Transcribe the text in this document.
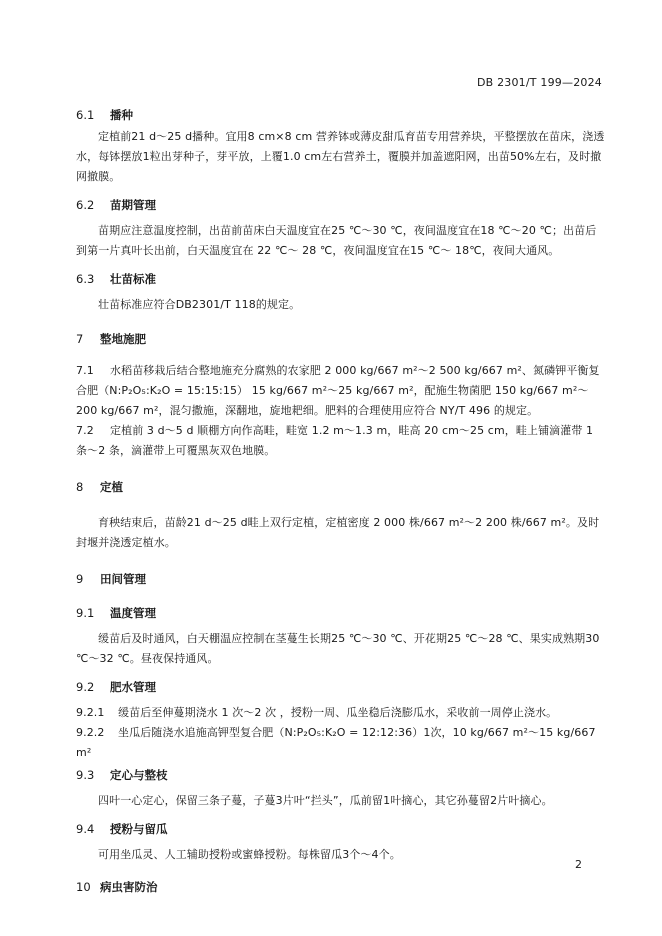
DB 2301/T 199—2024
6.1 播种

定植前21 d～25 d播种。宜用8 cm×8 cm 营养钵或薄皮甜瓜育苗专用营养块，平整摆放在苗床，浇透水，每钵摆放1粒出芽种子，芽平放，上覆1.0 cm左右营养土，覆膜并加盖遮阳网，出苗50%左右，及时撤网撤膜。

6.2 苗期管理

苗期应注意温度控制，出苗前苗床白天温度宜在25 ℃～30 ℃，夜间温度宜在18 ℃～20 ℃；出苗后到第一片真叶长出前，白天温度宜在 22 ℃～ 28 ℃，夜间温度宜在15 ℃～ 18℃，夜间大通风。

6.3 壮苗标准

壮苗标准应符合DB2301/T 118的规定。

7 整地施肥

7.1 水稻苗移栽后结合整地施充分腐熟的农家肥 2 000 kg/667 m²～2 500 kg/667 m²、氮磷钾平衡复合肥（N:P₂O₅:K₂O = 15:15:15） 15 kg/667 m²～25 kg/667 m²，配施生物菌肥 150 kg/667 m²～200 kg/667 m²，混匀撒施，深翻地，旋地耙细。肥料的合理使用应符合 NY/T 496 的规定。

7.2 定植前 3 d～5 d 顺棚方向作高畦，畦宽 1.2 m～1.3 m，畦高 20 cm～25 cm，畦上铺滴灌带 1 条～2 条，滴灌带上可覆黑灰双色地膜。

8 定植

育秧结束后，苗龄21 d～25 d畦上双行定植，定植密度 2 000 株/667 m²～2 200 株/667 m²。及时封堰并浇透定植水。

9 田间管理
9.1 温度管理

缓苗后及时通风，白天棚温应控制在茎蔓生长期25 ℃～30 ℃、开花期25 ℃～28 ℃、果实成熟期30 ℃～32 ℃。昼夜保持通风。

9.2 肥水管理

9.2.1 缓苗后至伸蔓期浇水 1 次～2 次 ，授粉一周、瓜坐稳后浇膨瓜水，采收前一周停止浇水。

9.2.2 坐瓜后随浇水追施高钾型复合肥（N:P₂O₅:K₂O = 12:12:36）1次，10 kg/667 m²～15 kg/667 m²

9.3 定心与整枝

四叶一心定心，保留三条子蔓，子蔓3片叶“拦头”，瓜前留1叶摘心，其它孙蔓留2片叶摘心。

9.4 授粉与留瓜

可用坐瓜灵、人工辅助授粉或蜜蜂授粉。每株留瓜3个～4个。

10 病虫害防治
2
